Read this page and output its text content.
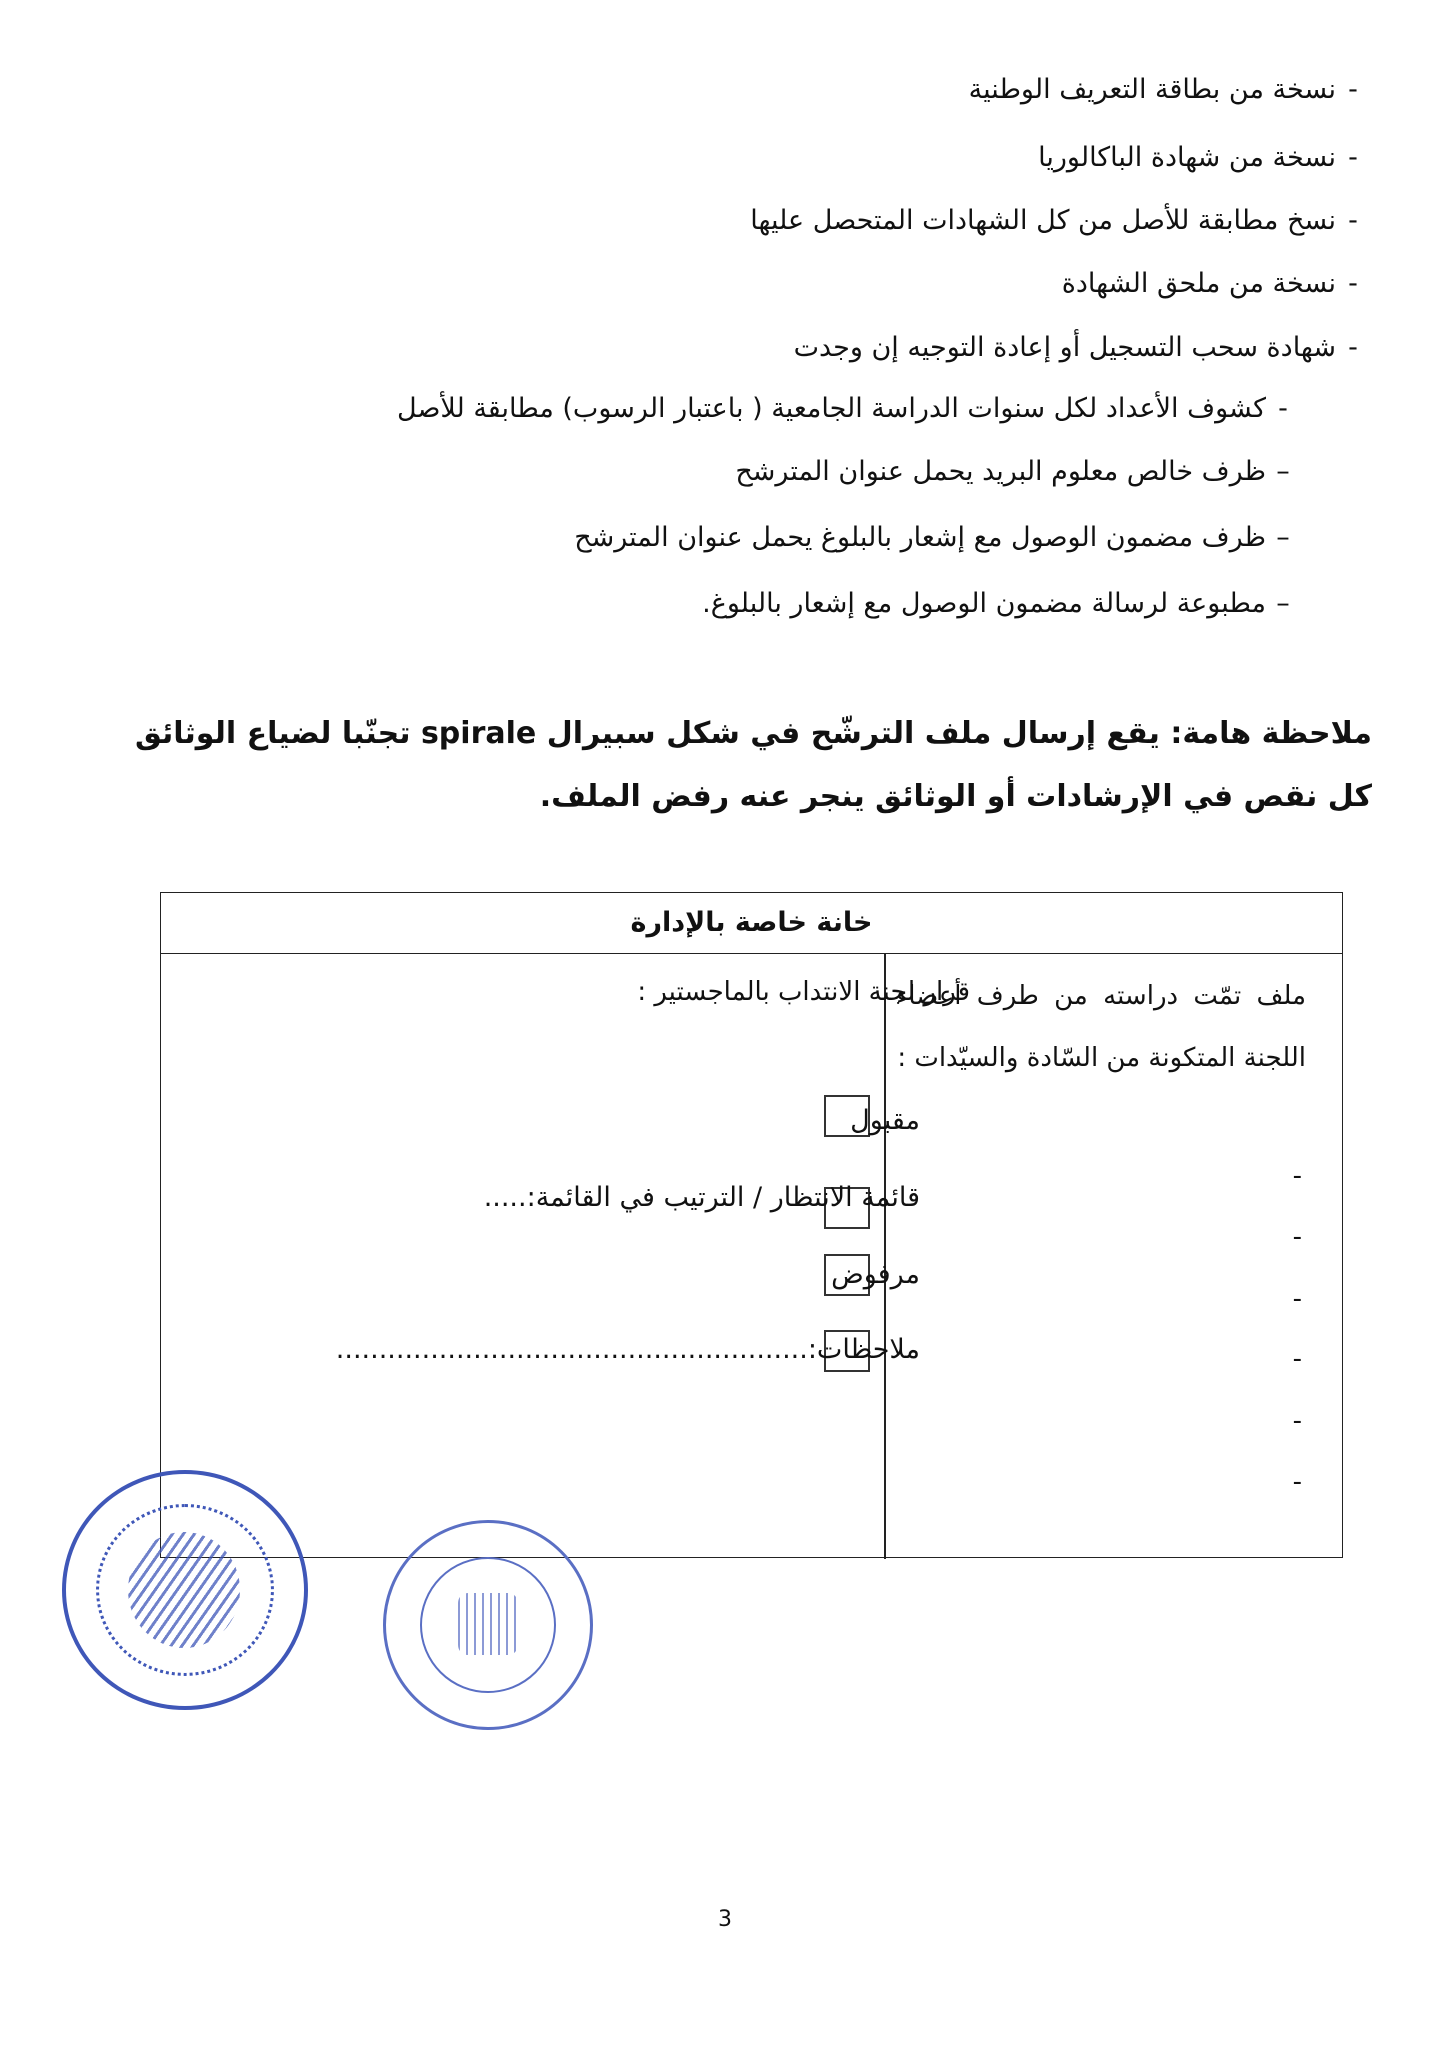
-نسخة من بطاقة التعريف الوطنية
-نسخة من شهادة الباكالوريا
-نسخ مطابقة للأصل من كل الشهادات المتحصل عليها
-نسخة من ملحق الشهادة
-شهادة سحب التسجيل أو إعادة التوجيه إن وجدت
-كشوف الأعداد لكل سنوات الدراسة الجامعية ( باعتبار الرسوب) مطابقة للأصل
–ظرف خالص معلوم البريد يحمل عنوان المترشح
–ظرف مضمون الوصول مع إشعار بالبلوغ يحمل عنوان المترشح
–مطبوعة لرسالة مضمون الوصول مع إشعار بالبلوغ.
ملاحظة هامة: يقع إرسال ملف الترشّح في شكل سبيرال spirale تجنّبا لضياع الوثائق
كل نقص في الإرشادات أو الوثائق ينجر عنه رفض الملف.
خانة خاصة بالإدارة
ملف تمّت دراسته من طرف أعضاء اللجنة المتكونة من السّادة والسيّدات :
-
-
-
-
-
-
قرار لجنة الانتداب بالماجستير :
مقبول
قائمة الانتظار / الترتيب في القائمة:.....
مرفوض
ملاحظات:.......................................................
3
